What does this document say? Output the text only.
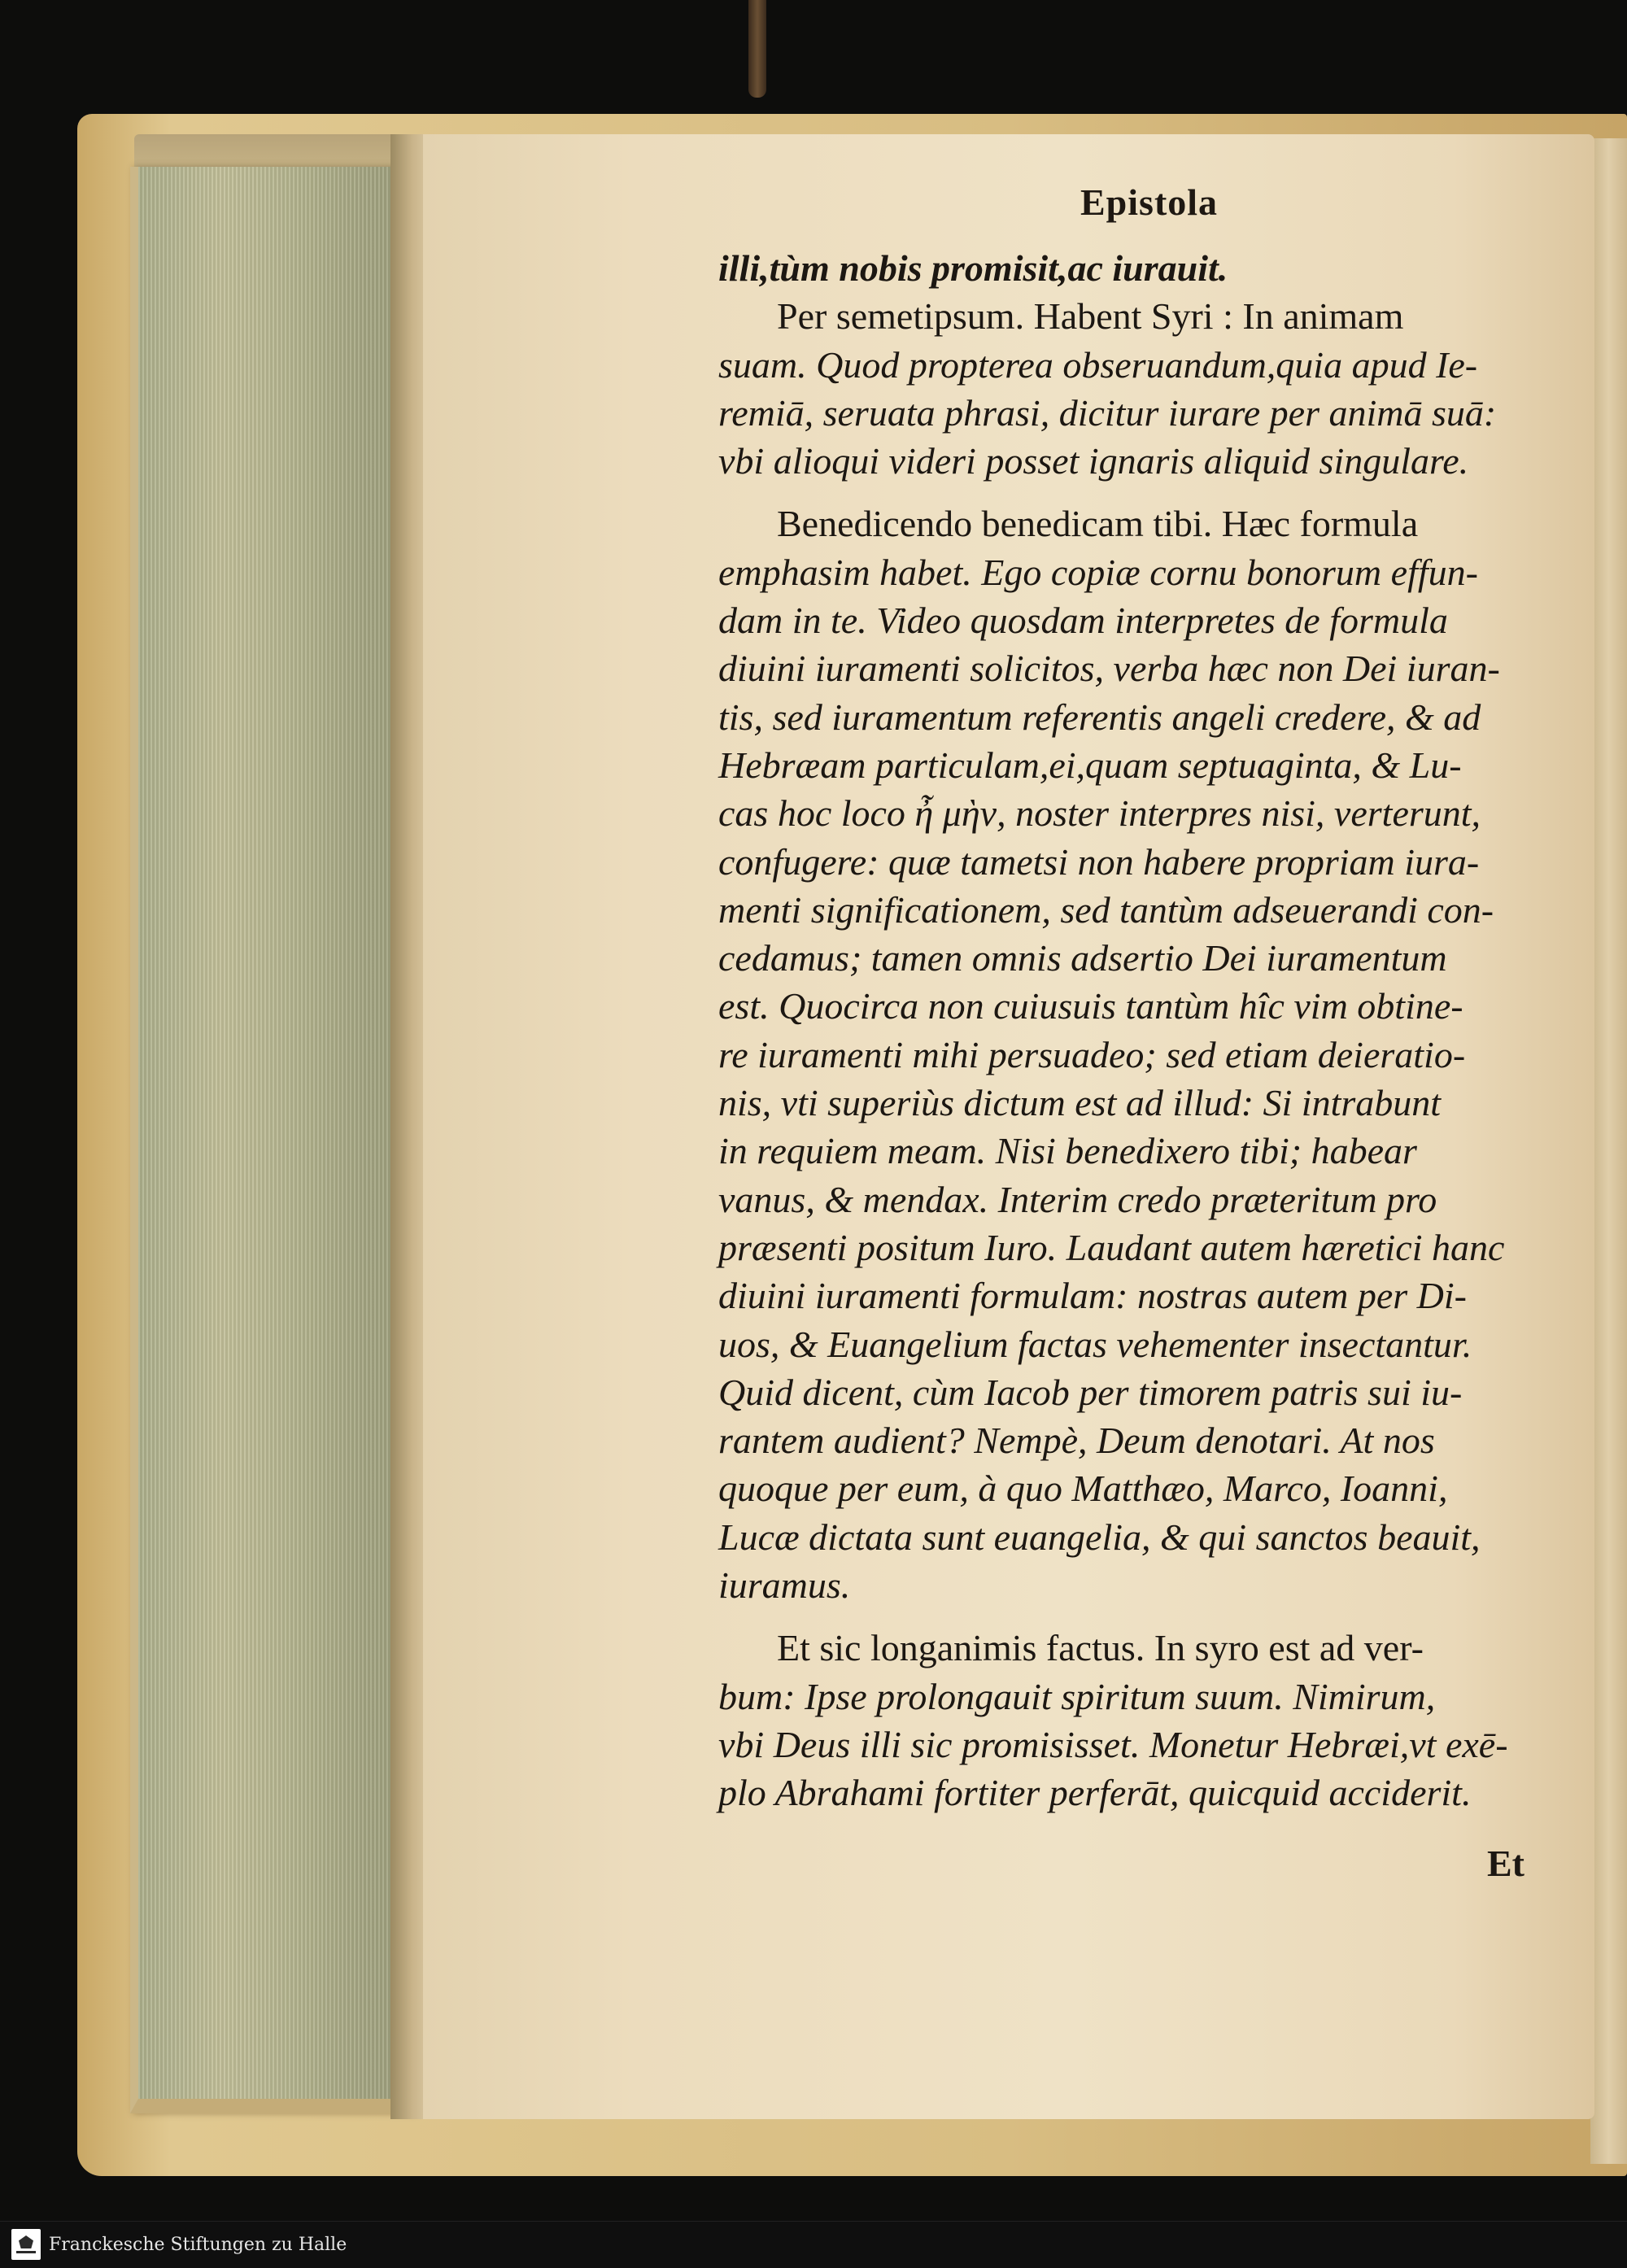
Epistola
illi,tùm nobis promisit,ac iurauit.
Per semetipsum. Habent Syri : In animam
suam. Quod propterea obseruandum,quia apud Ie-
remiā, seruata phrasi, dicitur iurare per animā suā:
vbi alioqui videri posset ignaris aliquid singulare.
Benedicendo benedicam tibi. Hæc formula
emphasim habet. Ego copiæ cornu bonorum effun-
dam in te. Video quosdam interpretes de formula
diuini iuramenti solicitos, verba hæc non Dei iuran-
tis, sed iuramentum referentis angeli credere, & ad
Hebræam particulam,ei,quam septuaginta, & Lu-
cas hoc loco ἦ μὴν, noster interpres nisi, verterunt,
confugere: quæ tametsi non habere propriam iura-
menti significationem, sed tantùm adseuerandi con-
cedamus; tamen omnis adsertio Dei iuramentum
est. Quocirca non cuiusuis tantùm hîc vim obtine-
re iuramenti mihi persuadeo; sed etiam deieratio-
nis, vti superiùs dictum est ad illud: Si intrabunt
in requiem meam. Nisi benedixero tibi; habear
vanus, & mendax. Interim credo præteritum pro
præsenti positum Iuro. Laudant autem hæretici hanc
diuini iuramenti formulam: nostras autem per Di-
uos, & Euangelium factas vehementer insectantur.
Quid dicent, cùm Iacob per timorem patris sui iu-
rantem audient? Nempè, Deum denotari. At nos
quoque per eum, à quo Matthæo, Marco, Ioanni,
Lucæ dictata sunt euangelia, & qui sanctos beauit,
iuramus.
Et sic longanimis factus. In syro est ad ver-
bum: Ipse prolongauit spiritum suum. Nimirum,
vbi Deus illi sic promisisset. Monetur Hebræi,vt exē-
plo Abrahami fortiter perferāt, quicquid acciderit.
Et
Franckesche Stiftungen zu Halle
